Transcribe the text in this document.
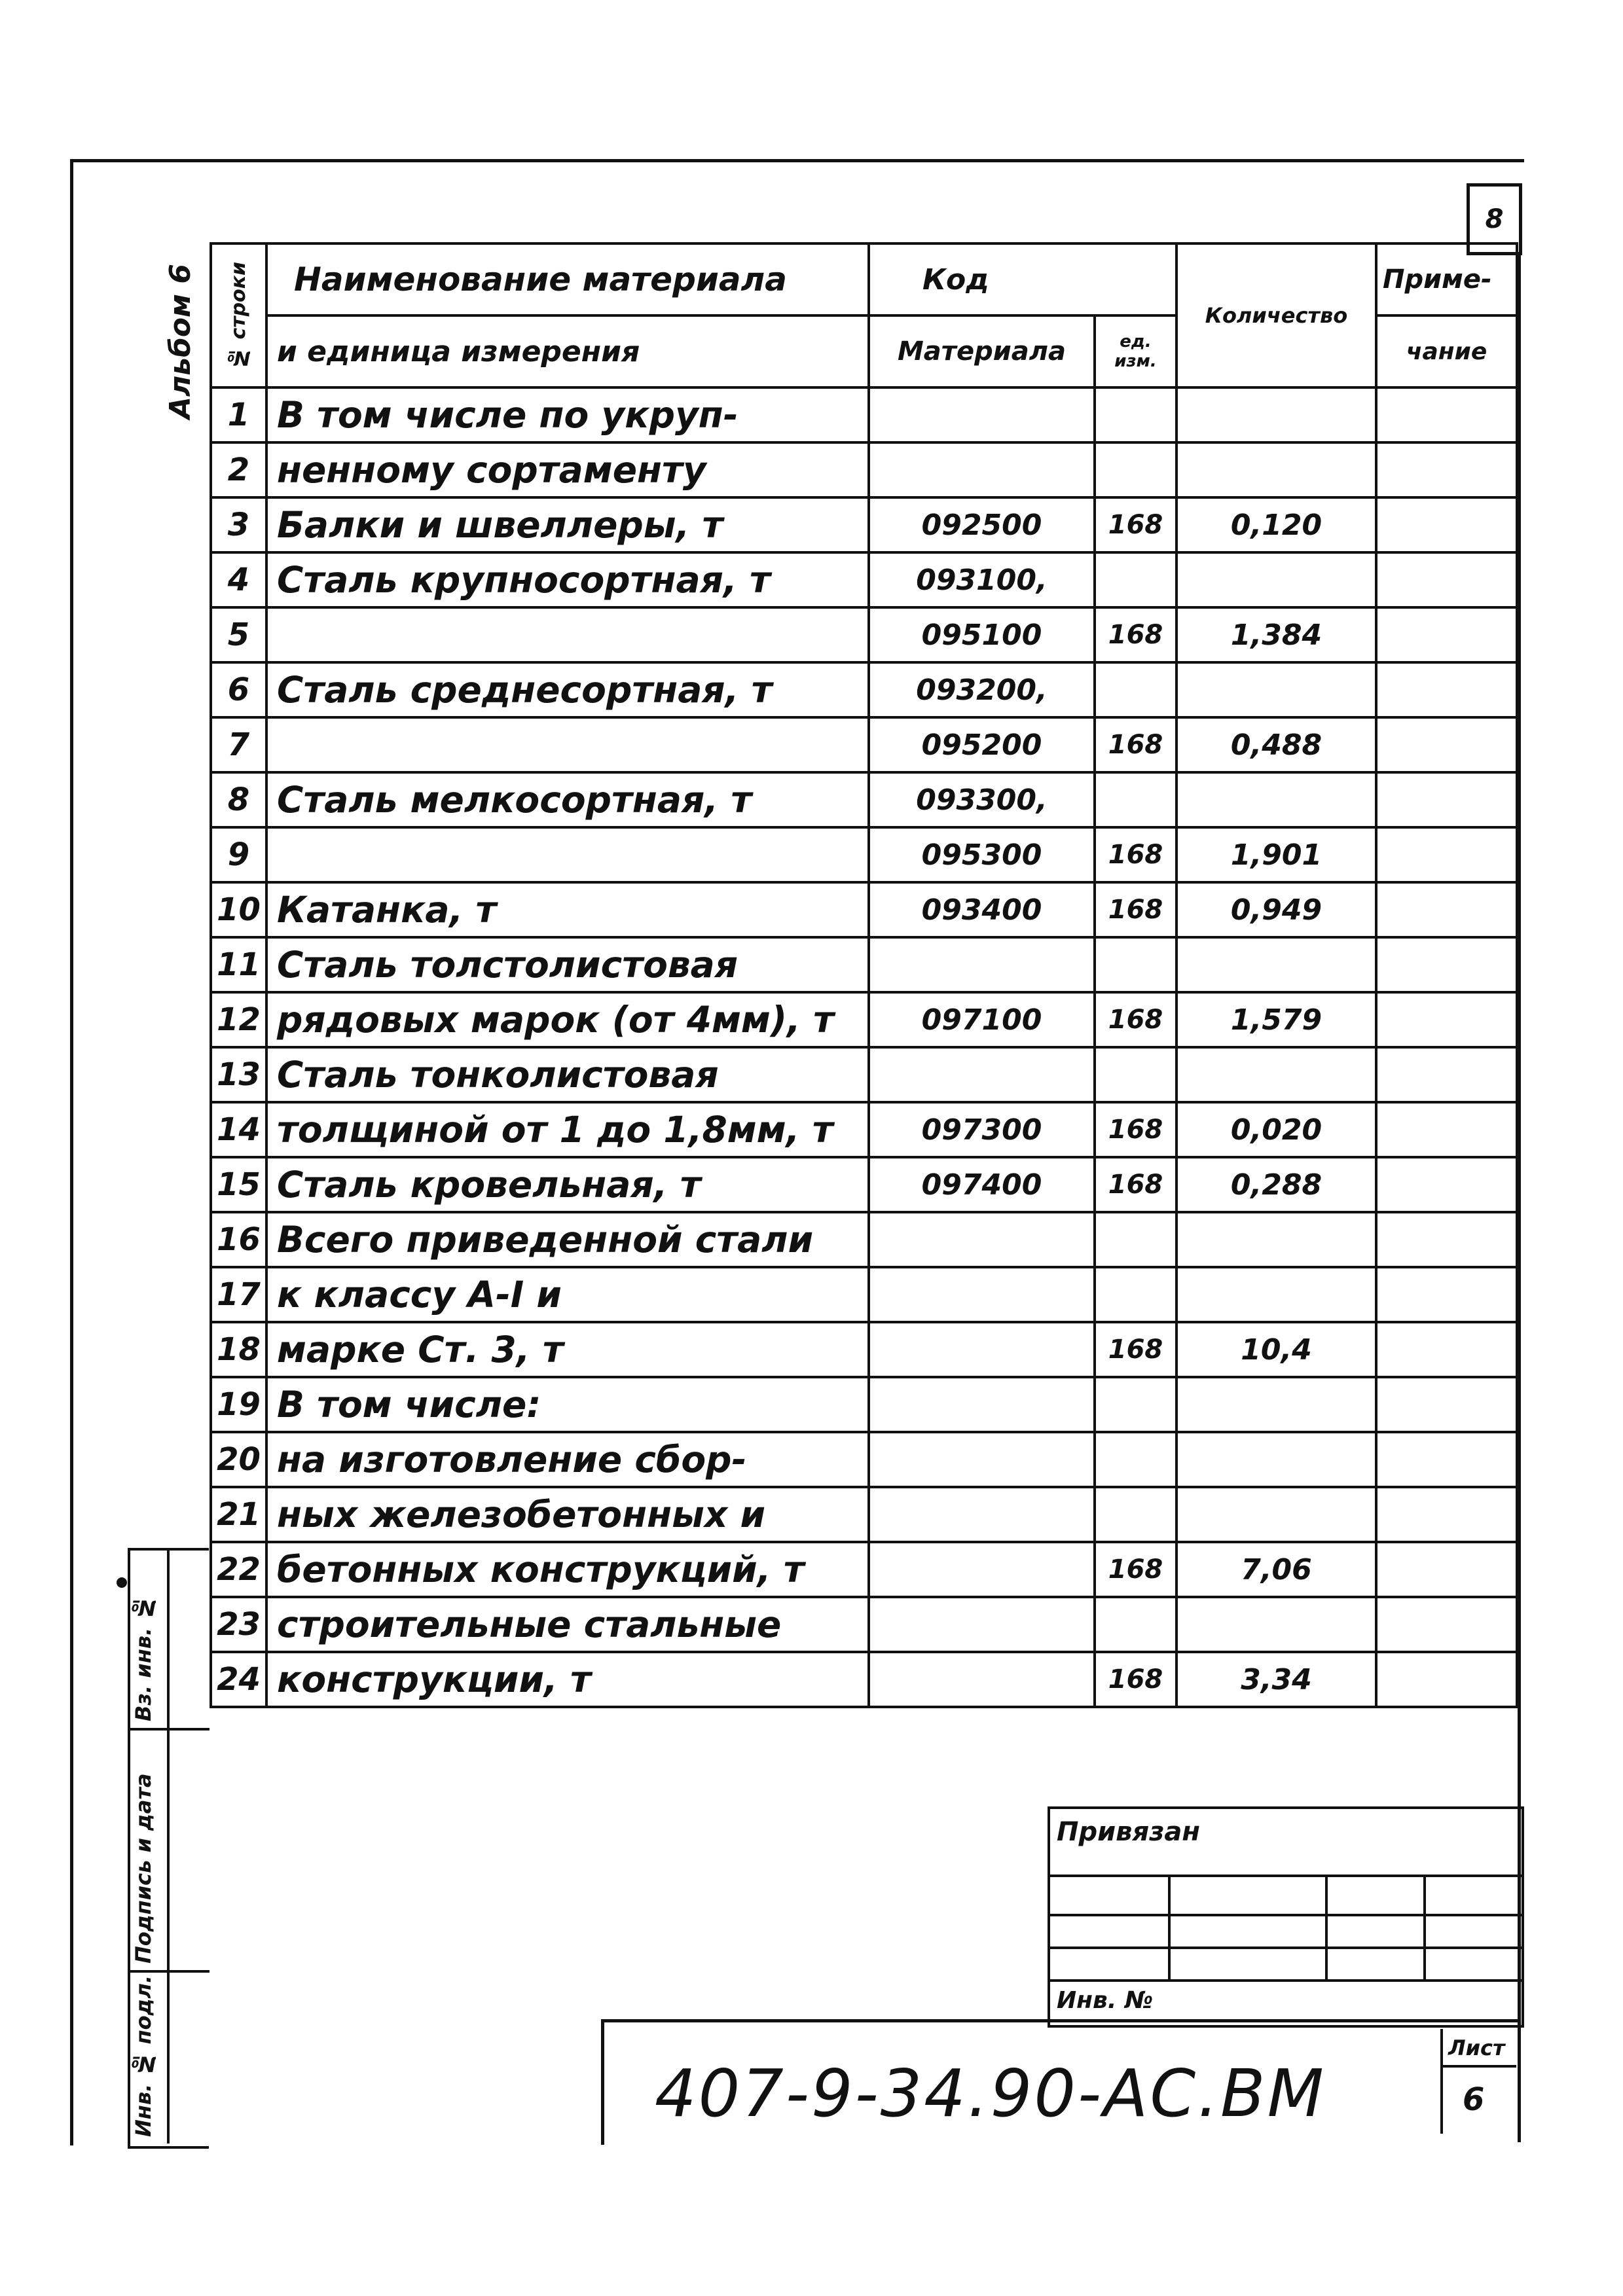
8
Альбом 6 № строки	Наименование материала	Код		Количество	Приме-
	и единица измерения	Материала	ед. изм.		чание
1	В том числе по укруп-				
2	ненному сортаменту				
3	Балки и швеллеры, т	092500	168	0,120	
4	Сталь крупносортная, т	093100,			
5		095100	168	1,384	
6	Сталь среднесортная, т	093200,			
7		095200	168	0,488	
8	Сталь мелкосортная, т	093300,			
9		095300	168	1,901	
10	Катанка, т	093400	168	0,949	
11	Сталь толстолистовая				
12	рядовых марок (от 4мм), т	097100	168	1,579	
13	Сталь тонколистовая				
14	толщиной от 1 до 1,8мм, т	097300	168	0,020	
15	Сталь кровельная, т	097400	168	0,288	
16	Всего приведенной стали				
17	к классу А-I и				
18	марке Ст. 3, т		168	10,4	
19	В том числе:				
20	на изготовление сбор-				
21	ных железобетонных и				
22	бетонных конструкций, т		168	7,06	
23	строительные стальные				
24	конструкции, т		168	3,34	
Вз. инв. №
Подпись и дата
Инв. № подл.
Привязан
Инв. №
407-9-34.90-АС.ВМ
Лист
6
